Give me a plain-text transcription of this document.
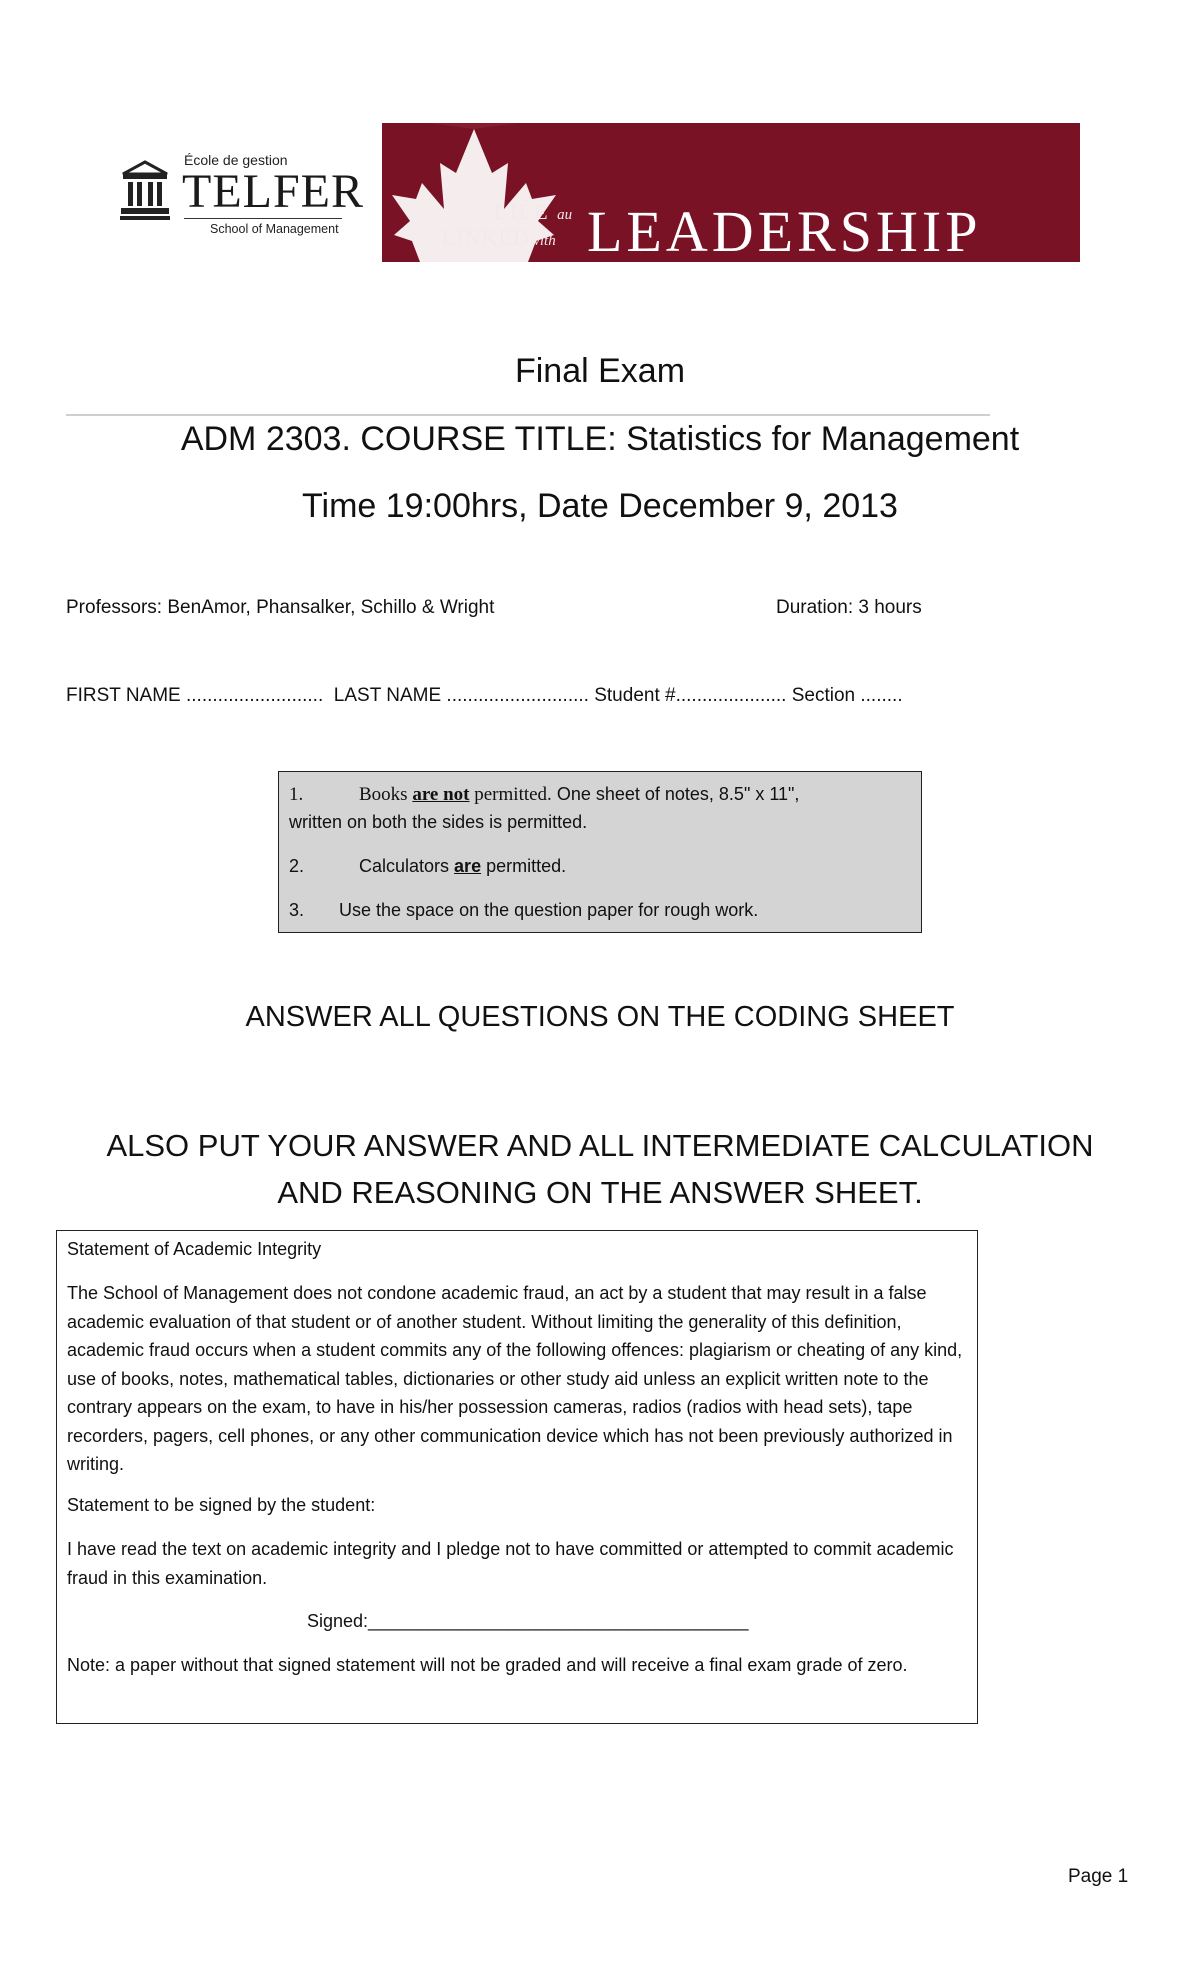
École de gestion
TELFER
School of Management
LIÉE au
LINKEDwith LEADERSHIP
Final Exam
ADM 2303. COURSE TITLE: Statistics for Management
Time 19:00hrs, Date December 9, 2013
Professors: BenAmor, Phansalker, Schillo & Wright	Duration: 3 hours
FIRST NAME ..........................  LAST NAME ........................... Student #..................... Section ........
1.	Books are not permitted. One sheet of notes, 8.5" x 11",
written on both the sides is permitted.
2.	Calculators are permitted.
3. Use the space on the question paper for rough work.
ANSWER ALL QUESTIONS ON THE CODING SHEET
ALSO PUT YOUR ANSWER AND ALL INTERMEDIATE CALCULATION AND REASONING ON THE ANSWER SHEET.
Statement of Academic Integrity
The School of Management does not condone academic fraud, an act by a student that may result in a false academic evaluation of that student or of another student. Without limiting the generality of this definition, academic fraud occurs when a student commits any of the following offences: plagiarism or cheating of any kind, use of books, notes, mathematical tables, dictionaries or other study aid unless an explicit written note to the contrary appears on the exam, to have in his/her possession cameras, radios (radios with head sets), tape recorders, pagers, cell phones, or any other communication device which has not been previously authorized in writing.
Statement to be signed by the student:
I have read the text on academic integrity and I pledge not to have committed or attempted to commit academic fraud in this examination.
Signed:______________________________________
Note: a paper without that signed statement will not be graded and will receive a final exam grade of zero.
Page 1
